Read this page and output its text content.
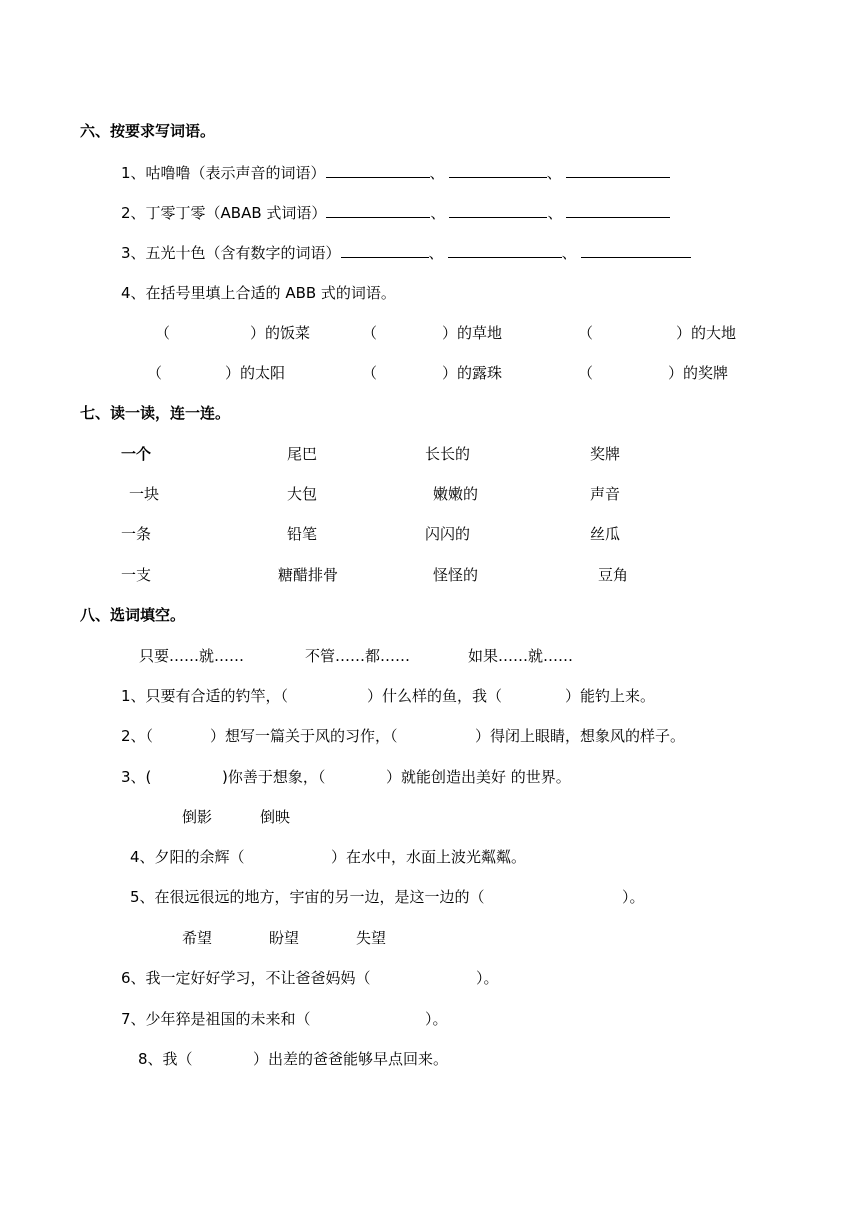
六、按要求写词语。
1、咕噜噜（表示声音的词语）	、	、
2、丁零丁零（ABAB 式词语）	、	、
3、五光十色（含有数字的词语）	、	、
4、在括号里填上合适的 ABB 式的词语。
（	）的饭菜	（	）的草地	（	）的大地
（	）的太阳	（	）的露珠	（	）的奖牌
七、读一读，连一连。
一个	尾巴	长长的	奖牌
一块	大包	嫩嫩的	声音
一条	铅笔	闪闪的	丝瓜
一支	糖醋排骨	怪怪的	豆角
八、选词填空。
只要……就……	不管……都……	如果……就……
1、只要有合适的钓竿，（	）什么样的鱼，我（	）能钓上来。
2、（	）想写一篇关于风的习作，（	）得闭上眼睛，想象风的样子。
3、(	)你善于想象，（	）就能创造出美好 的世界。
倒影	倒映
4、夕阳的余辉（	）在水中，水面上波光粼粼。
5、在很远很远的地方，宇宙的另一边，是这一边的（	）。
希望	盼望	失望
6、我一定好好学习，不让爸爸妈妈（	）。
7、少年猝是祖国的未来和（	）。
8、我（	）出差的爸爸能够早点回来。
